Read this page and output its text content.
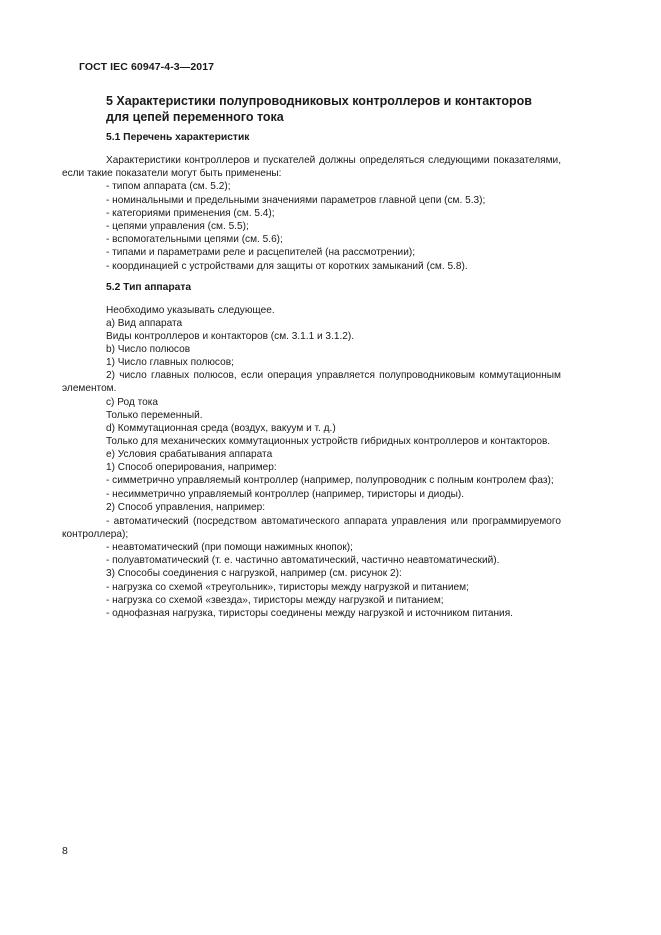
ГОСТ IEC 60947-4-3—2017
5 Характеристики полупроводниковых контроллеров и контакторов
для цепей переменного тока
5.1 Перечень характеристик
Характеристики контроллеров и пускателей должны определяться следующими показателями,
если такие показатели могут быть применены:
- типом аппарата (см. 5.2);
- номинальными и предельными значениями параметров главной цепи (см. 5.3);
- категориями применения (см. 5.4);
- цепями управления (см. 5.5);
- вспомогательными цепями (см. 5.6);
- типами и параметрами реле и расцепителей (на рассмотрении);
- координацией с устройствами для защиты от коротких замыканий (см. 5.8).
5.2 Тип аппарата
Необходимо указывать следующее.
а) Вид аппарата
Виды контроллеров и контакторов (см. 3.1.1 и 3.1.2).
b) Число полюсов
1) Число главных полюсов;
2) число главных полюсов, если операция управляется полупроводниковым коммутационным
элементом.
с) Род тока
Только переменный.
d) Коммутационная среда (воздух, вакуум и т. д.)
Только для механических коммутационных устройств гибридных контроллеров и контакторов.
е) Условия срабатывания аппарата
1) Способ оперирования, например:
- симметрично управляемый контроллер (например, полупроводник с полным контролем фаз);
- несимметрично управляемый контроллер (например, тиристоры и диоды).
2) Способ управления, например:
- автоматический (посредством автоматического аппарата управления или программируемого
контроллера);
- неавтоматический (при помощи нажимных кнопок);
- полуавтоматический (т. е. частично автоматический, частично неавтоматический).
3) Способы соединения с нагрузкой, например (см. рисунок 2):
- нагрузка со схемой «треугольник», тиристоры между нагрузкой и питанием;
- нагрузка со схемой «звезда», тиристоры между нагрузкой и питанием;
- однофазная нагрузка, тиристоры соединены между нагрузкой и источником питания.
8
